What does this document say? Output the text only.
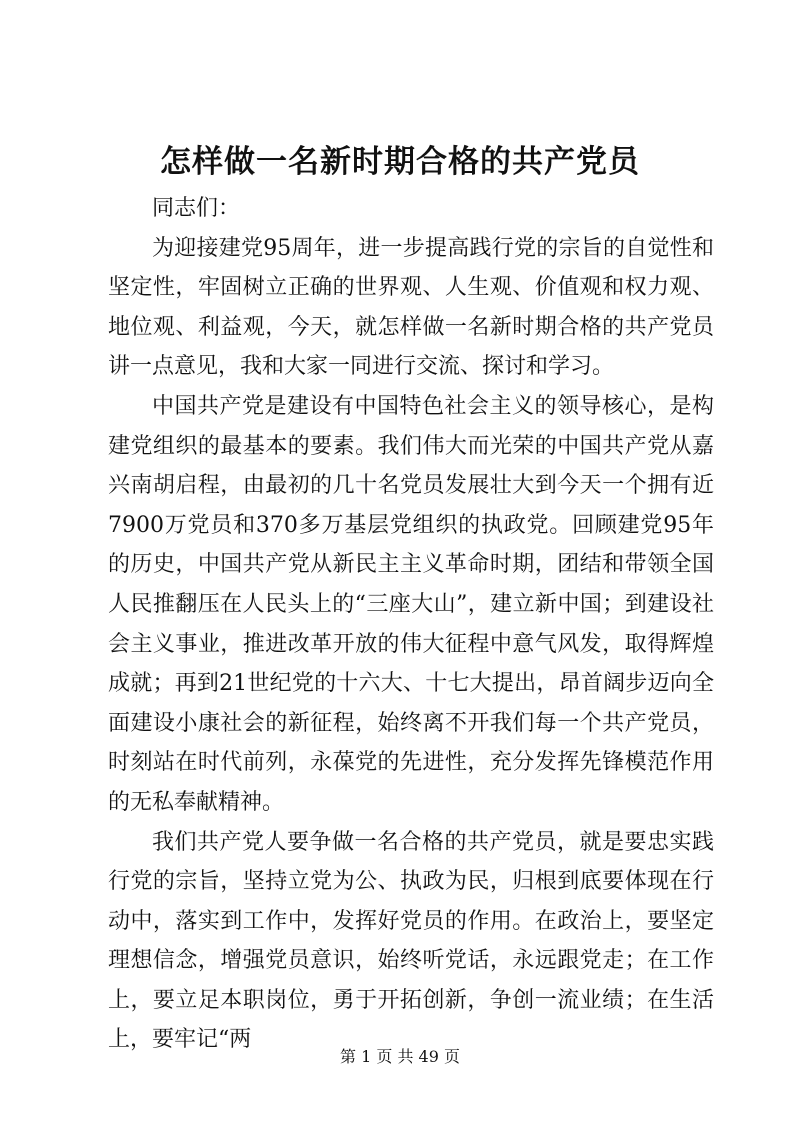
怎样做一名新时期合格的共产党员

同志们：

为迎接建党95周年，进一步提高践行党的宗旨的自觉性和坚定性，牢固树立正确的世界观、人生观、价值观和权力观、地位观、利益观，今天，就怎样做一名新时期合格的共产党员讲一点意见，我和大家一同进行交流、探讨和学习。

中国共产党是建设有中国特色社会主义的领导核心，是构建党组织的最基本的要素。我们伟大而光荣的中国共产党从嘉兴南胡启程，由最初的几十名党员发展壮大到今天一个拥有近7900万党员和370多万基层党组织的执政党。回顾建党95年的历史，中国共产党从新民主主义革命时期，团结和带领全国人民推翻压在人民头上的“三座大山”，建立新中国；到建设社会主义事业，推进改革开放的伟大征程中意气风发，取得辉煌成就；再到21世纪党的十六大、十七大提出，昂首阔步迈向全面建设小康社会的新征程，始终离不开我们每一个共产党员，时刻站在时代前列，永葆党的先进性，充分发挥先锋模范作用的无私奉献精神。

我们共产党人要争做一名合格的共产党员，就是要忠实践行党的宗旨，坚持立党为公、执政为民，归根到底要体现在行动中，落实到工作中，发挥好党员的作用。在政治上，要坚定理想信念，增强党员意识，始终听党话，永远跟党走；在工作上，要立足本职岗位，勇于开拓创新，争创一流业绩；在生活上，要牢记“两

第 1 页 共 49 页
